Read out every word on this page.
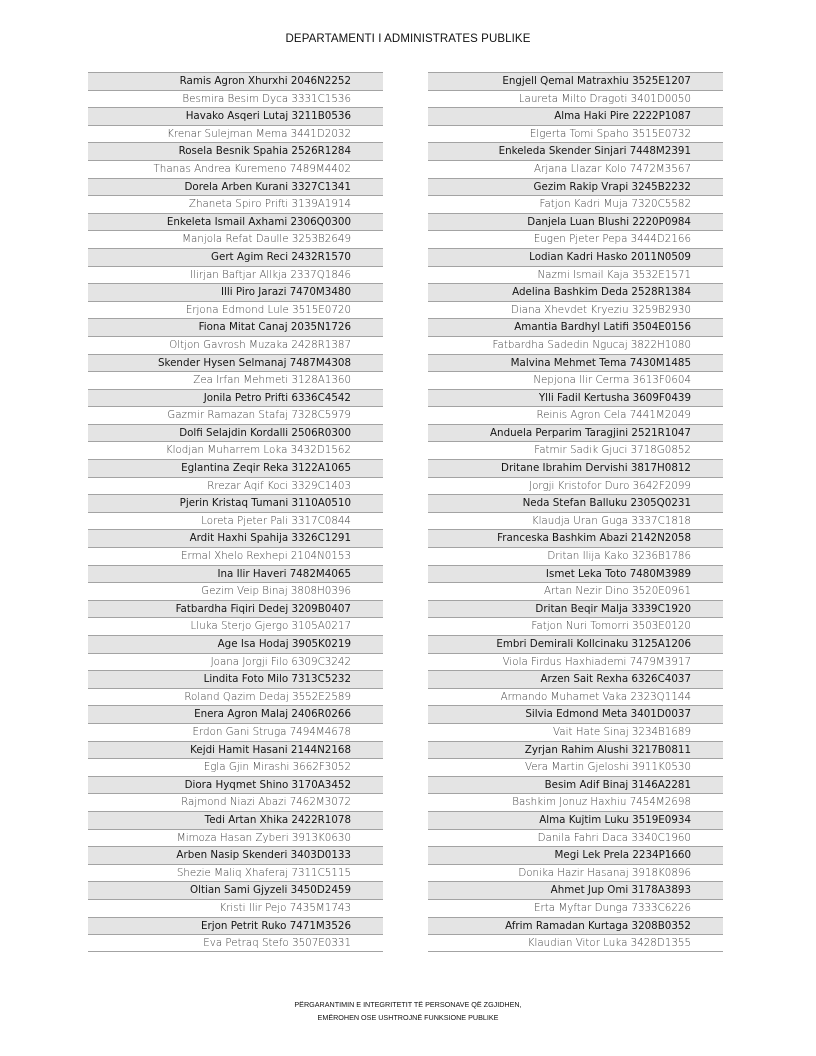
DEPARTAMENTI I ADMINISTRATES PUBLIKE
Ramis Agron Xhurxhi 2046N2252
Besmira Besim Dyca 3331C1536
Havako Asqeri Lutaj 3211B0536
Krenar Sulejman Mema 3441D2032
Rosela Besnik Spahia 2526R1284
Thanas Andrea Kuremeno 7489M4402
Dorela Arben Kurani 3327C1341
Zhaneta Spiro Prifti 3139A1914
Enkeleta Ismail Axhami 2306Q0300
Manjola Refat Daulle 3253B2649
Gert Agim Reci 2432R1570
Ilirjan Baftjar Allkja 2337Q1846
Illi Piro Jarazi 7470M3480
Erjona Edmond Lule 3515E0720
Fiona Mitat Canaj 2035N1726
Oltjon Gavrosh Muzaka 2428R1387
Skender Hysen Selmanaj 7487M4308
Zea Irfan Mehmeti 3128A1360
Jonila Petro Prifti 6336C4542
Gazmir Ramazan Stafaj 7328C5979
Dolfi Selajdin Kordalli 2506R0300
Klodjan Muharrem Loka 3432D1562
Eglantina Zeqir Reka 3122A1065
Rrezar Aqif Koci 3329C1403
Pjerin Kristaq Tumani 3110A0510
Loreta Pjeter Pali 3317C0844
Ardit Haxhi Spahija 3326C1291
Ermal Xhelo Rexhepi 2104N0153
Ina Ilir Haveri 7482M4065
Gezim Veip Binaj 3808H0396
Fatbardha Fiqiri Dedej 3209B0407
Lluka Sterjo Gjergo 3105A0217
Age Isa Hodaj 3905K0219
Joana Jorgji Filo 6309C3242
Lindita Foto Milo 7313C5232
Roland Qazim Dedaj 3552E2589
Enera Agron Malaj 2406R0266
Erdon Gani Struga 7494M4678
Kejdi Hamit Hasani 2144N2168
Egla Gjin Mirashi 3662F3052
Diora Hyqmet Shino 3170A3452
Rajmond Niazi Abazi 7462M3072
Tedi Artan Xhika 2422R1078
Mimoza Hasan Zyberi 3913K0630
Arben Nasip Skenderi 3403D0133
Shezie Maliq Xhaferaj 7311C5115
Oltian Sami Gjyzeli 3450D2459
Kristi Ilir Pejo 7435M1743
Erjon Petrit Ruko 7471M3526
Eva Petraq Stefo 3507E0331
Engjell Qemal Matraxhiu 3525E1207
Laureta Milto Dragoti 3401D0050
Alma Haki Pire 2222P1087
Elgerta Tomi Spaho 3515E0732
Enkeleda Skender Sinjari 7448M2391
Arjana Llazar Kolo 7472M3567
Gezim Rakip Vrapi 3245B2232
Fatjon Kadri Muja 7320C5582
Danjela Luan Blushi 2220P0984
Eugen Pjeter Pepa 3444D2166
Lodian Kadri Hasko 2011N0509
Nazmi Ismail Kaja 3532E1571
Adelina Bashkim Deda 2528R1384
Diana Xhevdet Kryeziu 3259B2930
Amantia Bardhyl Latifi 3504E0156
Fatbardha Sadedin Ngucaj 3822H1080
Malvina Mehmet Tema 7430M1485
Nepjona Ilir Cerma 3613F0604
Ylli Fadil Kertusha 3609F0439
Reinis Agron Cela 7441M2049
Anduela Perparim Taragjini 2521R1047
Fatmir Sadik Gjuci 3718G0852
Dritane Ibrahim Dervishi 3817H0812
Jorgji Kristofor Duro 3642F2099
Neda Stefan Balluku 2305Q0231
Klaudja Uran Guga 3337C1818
Franceska Bashkim Abazi 2142N2058
Dritan Ilija Kako 3236B1786
Ismet Leka Toto 7480M3989
Artan Nezir Dino 3520E0961
Dritan Beqir Malja 3339C1920
Fatjon Nuri Tomorri 3503E0120
Embri Demirali Kollcinaku 3125A1206
Viola Firdus Haxhiademi 7479M3917
Arzen Sait Rexha 6326C4037
Armando Muhamet Vaka 2323Q1144
Silvia Edmond Meta 3401D0037
Vait Hate Sinaj 3234B1689
Zyrjan Rahim Alushi 3217B0811
Vera Martin Gjeloshi 3911K0530
Besim Adif Binaj 3146A2281
Bashkim Jonuz Haxhiu 7454M2698
Alma Kujtim Luku 3519E0934
Danila Fahri Daca 3340C1960
Megi Lek Prela 2234P1660
Donika Hazir Hasanaj 3918K0896
Ahmet Jup Omi 3178A3893
Erta Myftar Dunga 7333C6226
Afrim Ramadan Kurtaga 3208B0352
Klaudian Vitor Luka 3428D1355
PËRGARANTIMIN E INTEGRITETIT TË PERSONAVE QË ZGJIDHEN,
EMËROHEN OSE USHTROJNË FUNKSIONE PUBLIKE
